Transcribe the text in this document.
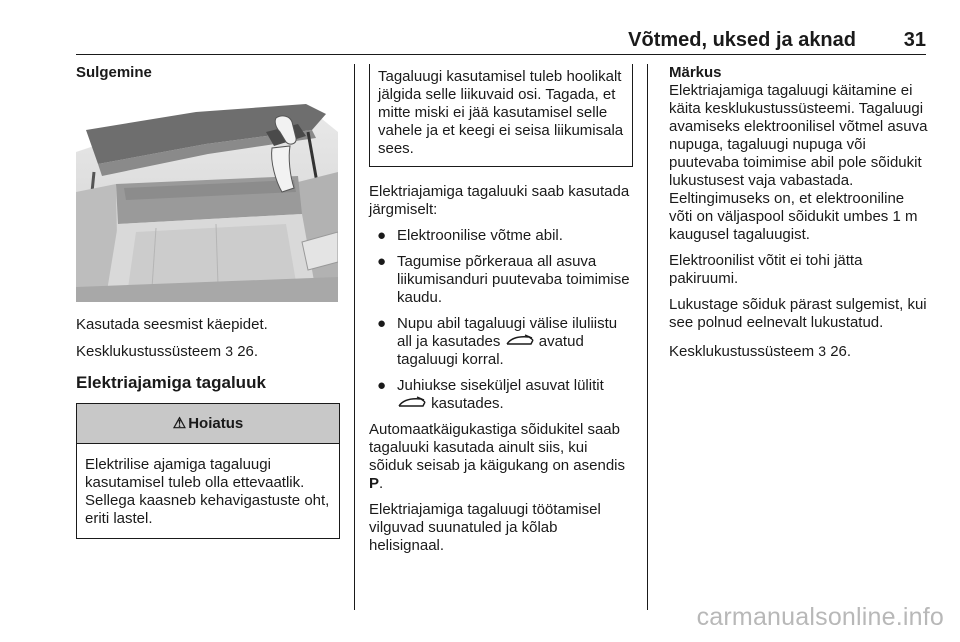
Võtmed, uksed ja aknad 31
Sulgemine

Kasutada seesmist käepidet.

Kesklukustussüsteem 3 26.

Elektriajamiga tagaluuk
⚠ Hoiatus
Elektrilise ajamiga tagaluugi kasutamisel tuleb olla ettevaatlik. Sellega kaasneb kehavigastuste oht, eriti lastel.
Tagaluugi kasutamisel tuleb hoolikalt jälgida selle liikuvaid osi. Tagada, et mitte miski ei jää kasutamisel selle vahele ja et keegi ei seisa liikumisala sees.

Elektriajamiga tagaluuki saab kasutada järgmiselt:

● Elektroonilise võtme abil.
● Tagumise põrkeraua all asuva liikumisanduri puutevaba toimimise kaudu.
● Nupu abil tagaluugi välise iluliistu all ja kasutades	avatud tagaluugi korral.
● Juhiukse siseküljel asuvat lülitit  kasutades.

Automaatkäigukastiga sõidukitel saab tagaluuki kasutada ainult siis, kui sõiduk seisab ja käigukang on asendis P.

Elektriajamiga tagaluugi töötamisel vilguvad suunatuled ja kõlab helisignaal.

Märkus

Elektriajamiga tagaluugi käitamine ei käita kesklukustussüsteemi. Tagaluugi avamiseks elektroonilisel võtmel asuva nupuga, tagaluugi nupuga või puutevaba toimimise abil pole sõidukit lukustusest vaja vabastada. Eeltingimuseks on, et elektrooniline võti on väljaspool sõidukit umbes 1 m kaugusel tagaluugist.

Elektroonilist võtit ei tohi jätta pakiruumi.

Lukustage sõiduk pärast sulgemist, kui see polnud eelnevalt lukustatud.

Kesklukustussüsteem 3 26.

carmanualsonline.info
